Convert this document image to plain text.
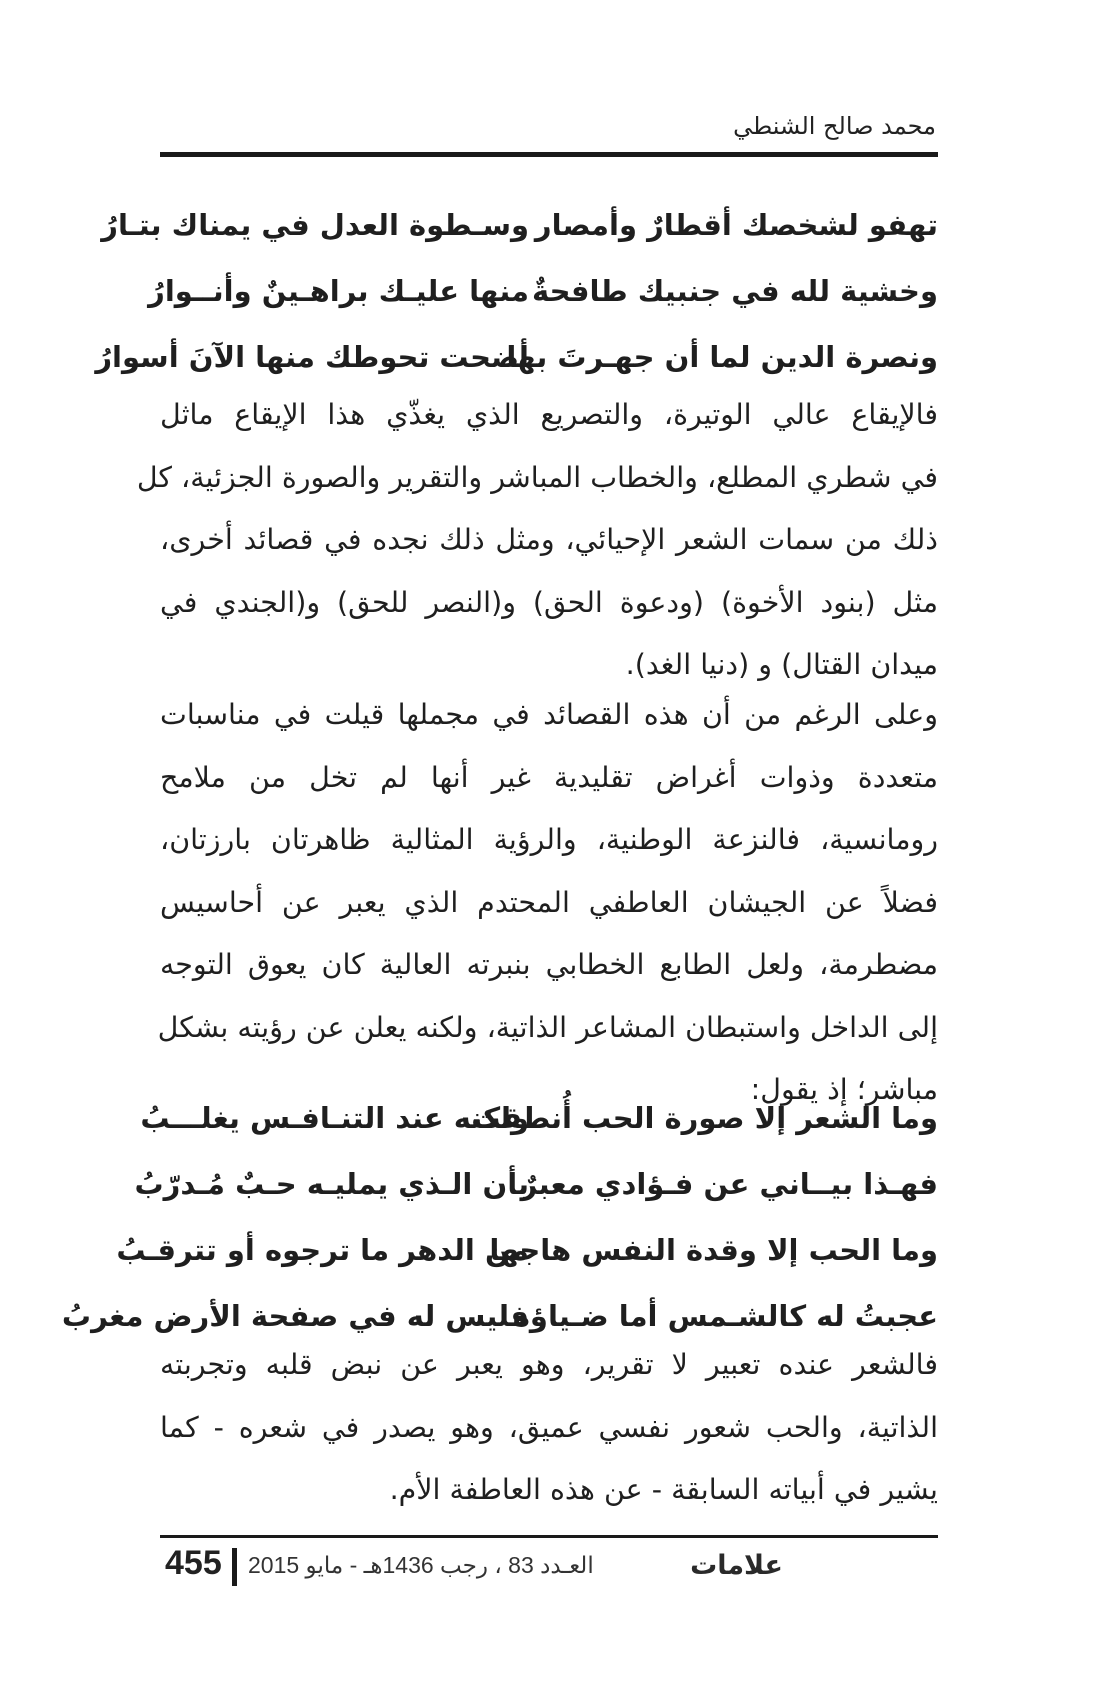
محمد صالح الشنطي
تهفو لشخصك أقطارٌ وأمصار
وسـطوة العدل في يمناك بتـارُ
وخشية لله في جنبيك طافحةٌ
منها عليـك براهـينٌ وأنــوارُ
ونصرة الدين لما أن جهـرتَ بها
أضحت تحوطك منها الآنَ أسوارُ
فالإيقاع عالي الوتيرة، والتصريع الذي يغذّي هذا الإيقاع ماثل
في شطري المطلع، والخطاب المباشر والتقرير والصورة الجزئية، كل
ذلك من سمات الشعر الإحيائي، ومثل ذلك نجده في قصائد أخرى،
مثل (بنود الأخوة) (ودعوة الحق) و(النصر للحق) و(الجندي في
ميدان القتال) و (دنيا الغد).
وعلى الرغم من أن هذه القصائد في مجملها قيلت في مناسبات
متعددة وذوات أغراض تقليدية غير أنها لم تخل من ملامح
رومانسية، فالنزعة الوطنية، والرؤية المثالية ظاهرتان بارزتان،
فضلاً عن الجيشان العاطفي المحتدم الذي يعبر عن أحاسيس
مضطرمة، ولعل الطابع الخطابي بنبرته العالية كان يعوق التوجه
إلى الداخل واستبطان المشاعر الذاتية، ولكنه يعلن عن رؤيته بشكل
مباشر؛ إذ يقول:
وما الشعر إلا صورة الحب أُنطقت
ولكنه عند التنـافـس يغلـــبُ
فهـذا بيــاني عن فـؤادي معبرٌ
بأن الـذي يمليـه حـبٌ مُـدرّبُ
وما الحب إلا وقدة النفس هاجها
من الدهر ما ترجوه أو تترقـبُ
عجبتُ له كالشـمس أما ضـياؤه
فليس له في صفحة الأرض مغربُ
فالشعر عنده تعبير لا تقرير، وهو يعبر عن نبض قلبه وتجربته
الذاتية، والحب شعور نفسي عميق، وهو يصدر في شعره - كما
يشير في أبياته السابقة - عن هذه العاطفة الأم.
455 العـدد 83 ، رجب 1436هـ - مايو 2015	علامات
